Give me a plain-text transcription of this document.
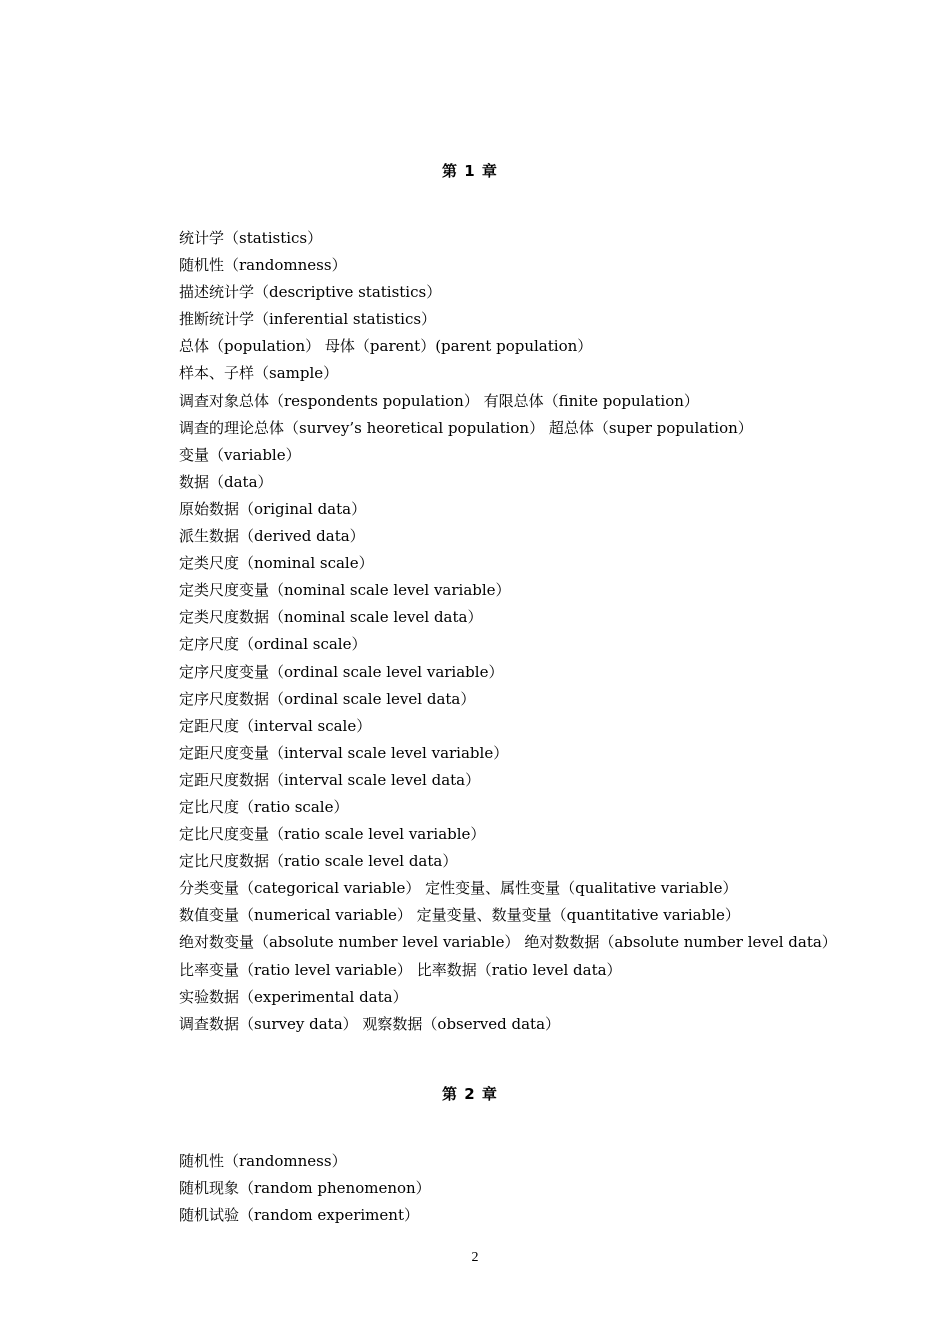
第 1 章
统计学（statistics）
随机性（randomness）
描述统计学（descriptive statistics）
推断统计学（inferential statistics）
总体（population） 母体（parent）(parent population）
样本、子样（sample）
调查对象总体（respondents population） 有限总体（finite population）
调查的理论总体（survey’s heoretical population） 超总体（super population）
变量（variable）
数据（data）
原始数据（original data）
派生数据（derived data）
定类尺度（nominal scale）
定类尺度变量（nominal scale level variable）
定类尺度数据（nominal scale level data）
定序尺度（ordinal scale）
定序尺度变量（ordinal scale level variable）
定序尺度数据（ordinal scale level data）
定距尺度（interval scale）
定距尺度变量（interval scale level variable）
定距尺度数据（interval scale level data）
定比尺度（ratio scale）
定比尺度变量（ratio scale level variable）
定比尺度数据（ratio scale level data）
分类变量（categorical variable） 定性变量、属性变量（qualitative variable）
数值变量（numerical variable） 定量变量、数量变量（quantitative variable）
绝对数变量（absolute number level variable） 绝对数数据（absolute number level data）
比率变量（ratio level variable） 比率数据（ratio level data）
实验数据（experimental data）
调查数据（survey data） 观察数据（observed data）
第 2 章
随机性（randomness）
随机现象（random phenomenon）
随机试验（random experiment）
2
